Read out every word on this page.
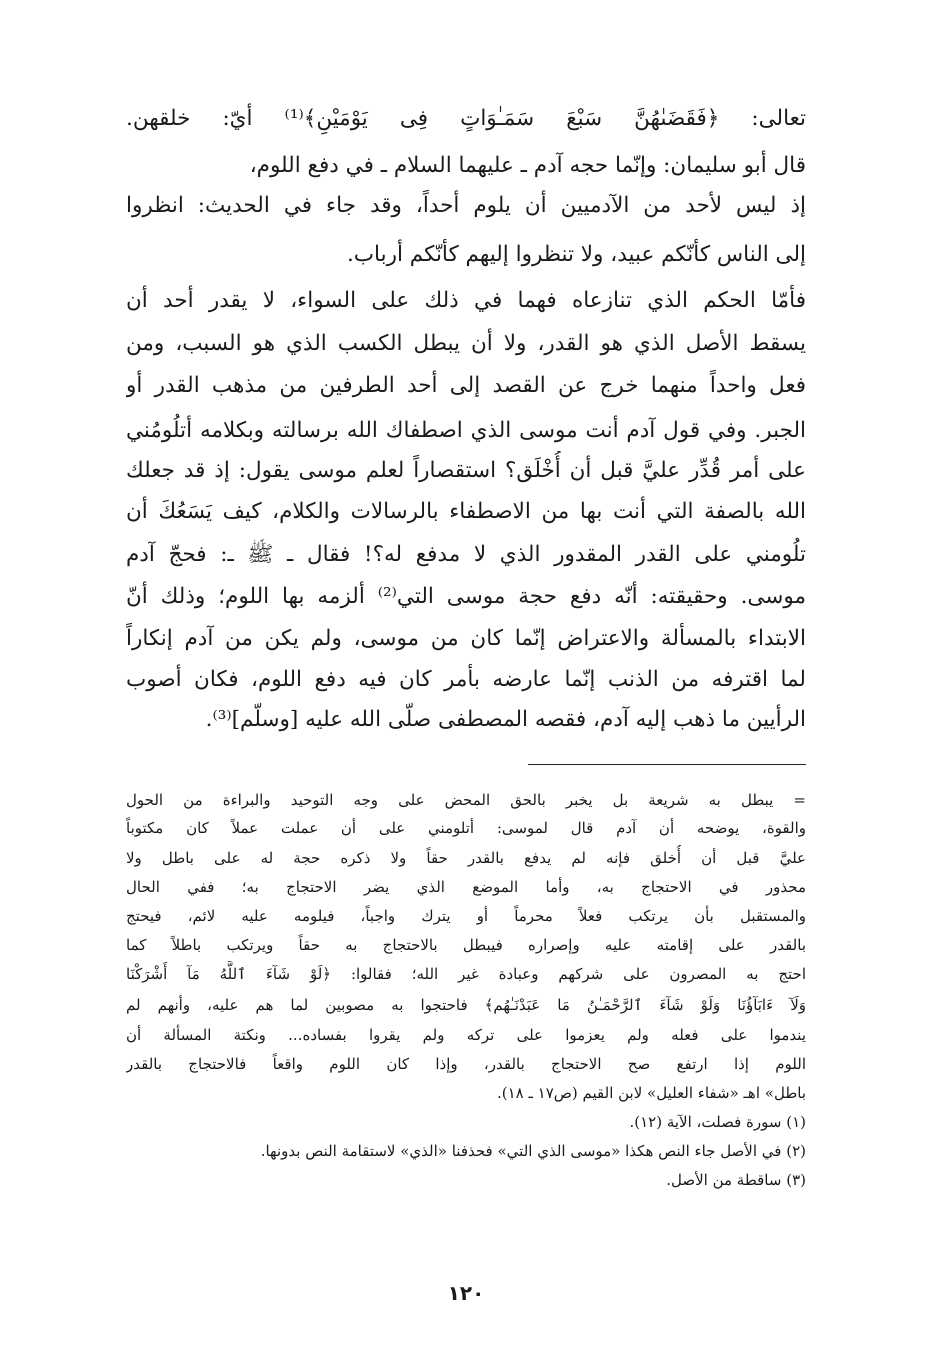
تعالى: ﴿فَقَضَىٰهُنَّ سَبْعَ سَمَـٰوَاتٍ فِى يَوْمَيْنِ﴾⁽¹⁾ أيّ: خلقهن.
قال أبو سليمان: وإنّما حجه آدم ـ عليهما السلام ـ في دفع اللوم،
إذ ليس لأحد من الآدميين أن يلوم أحداً، وقد جاء في الحديث: انظروا
إلى الناس كأنّكم عبيد، ولا تنظروا إليهم كأنّكم أرباب.
فأمّا الحكم الذي تنازعاه فهما في ذلك على السواء، لا يقدر أحد أن
يسقط الأصل الذي هو القدر، ولا أن يبطل الكسب الذي هو السبب، ومن
فعل واحداً منهما خرج عن القصد إلى أحد الطرفين من مذهب القدر أو
الجبر. وفي قول آدم أنت موسى الذي اصطفاك الله برسالته وبكلامه أتلُومُني
على أمر قُدِّر عليَّ قبل أن أُخْلَق؟ استقصاراً لعلم موسى يقول: إذ قد جعلك
الله بالصفة التي أنت بها من الاصطفاء بالرسالات والكلام، كيف يَسَعُكَ أن
تلُومني على القدر المقدور الذي لا مدفع له؟! فقال ـ ﷺ ـ: فحجّ آدم
موسى. وحقيقته: أنّه دفع حجة موسى التي⁽²⁾ ألزمه بها اللوم؛ وذلك أنّ
الابتداء بالمسألة والاعتراض إنّما كان من موسى، ولم يكن من آدم إنكاراً
لما اقترفه من الذنب إنّما عارضه بأمر كان فيه دفع اللوم، فكان أصوب
الرأيين ما ذهب إليه آدم، فقصه المصطفى صلّى الله عليه [وسلّم]⁽³⁾.
= يبطل به شريعة بل يخبر بالحق المحض على وجه التوحيد والبراءة من الحول
والقوة، يوضحه أن آدم قال لموسى: أتلومني على أن عملت عملاً كان مكتوباً
عليَّ قبل أن أُخلق فإنه لم يدفع بالقدر حقاً ولا ذكره حجة له على باطل ولا
محذور في الاحتجاج به، وأما الموضع الذي يضر الاحتجاج به؛ ففي الحال
والمستقبل بأن يرتكب فعلاً محرماً أو يترك واجباً، فيلومه عليه لائم، فيحتج
بالقدر على إقامته عليه وإصراره فيبطل بالاحتجاج به حقاً ويرتكب باطلاً كما
احتج به المصرون على شركهم وعبادة غير الله؛ فقالوا: ﴿لَوْ شَآءَ ٱللَّهُ مَآ أَشْرَكْنَا
وَلَآ ءَابَآؤُنَا وَلَوْ شَآءَ ٱلرَّحْمَـٰنُ مَا عَبَدْنَـٰهُم﴾ فاحتجوا به مصوبين لما هم عليه، وأنهم لم
يندموا على فعله ولم يعزموا على تركه ولم يقروا بفساده... ونكتة المسألة أن
اللوم إذا ارتفع صح الاحتجاج بالقدر، وإذا كان اللوم واقعاً فالاحتجاج بالقدر
باطل» اهـ «شفاء العليل» لابن القيم (ص١٧ ـ ١٨).
(١) سورة فصلت، الآية (١٢).
(٢) في الأصل جاء النص هكذا «موسى الذي التي» فحذفنا «الذي» لاستقامة النص بدونها.
(٣) ساقطة من الأصل.
١٢٠
